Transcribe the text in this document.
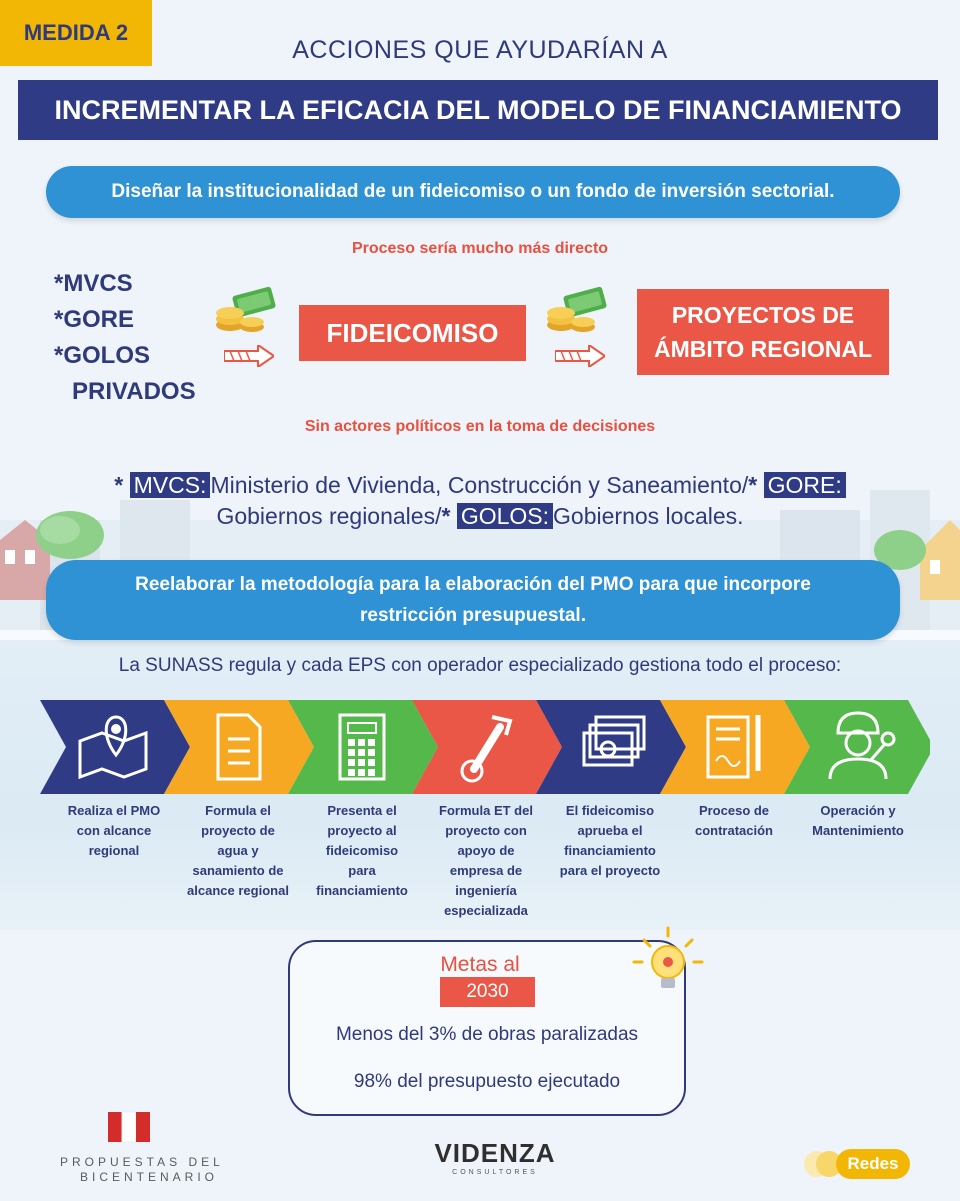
MEDIDA 2
ACCIONES QUE AYUDARÍAN A
INCREMENTAR LA EFICACIA DEL MODELO DE FINANCIAMIENTO
Diseñar la institucionalidad de un fideicomiso o un fondo de inversión sectorial.
Proceso sería mucho más directo
*MVCS
*GORE
*GOLOS
PRIVADOS
FIDEICOMISO
PROYECTOS DE
ÁMBITO REGIONAL
Sin actores políticos en la toma de decisiones
* MVCS: Ministerio de Vivienda, Construcción y Saneamiento/* GORE:
Gobiernos regionales/* GOLOS: Gobiernos locales.
Reelaborar la metodología para la elaboración del PMO para que incorpore
restricción presupuestal.
La SUNASS regula y cada EPS con operador especializado gestiona todo el proceso:
Realiza el PMO
con alcance
regional
Formula el
proyecto de
agua y
sanamiento de
alcance regional
Presenta el
proyecto al
fideicomiso
para
financiamiento
Formula ET del
proyecto con
apoyo de
empresa de
ingeniería
especializada
El fideicomiso
aprueba el
financiamiento
para el proyecto
Proceso de
contratación
Operación y
Mantenimiento
Metas al
2030
Menos del 3% de obras paralizadas
98% del presupuesto ejecutado
PROPUESTAS DEL
BICENTENARIO
VIDENZA
CONSULTORES	Redes
